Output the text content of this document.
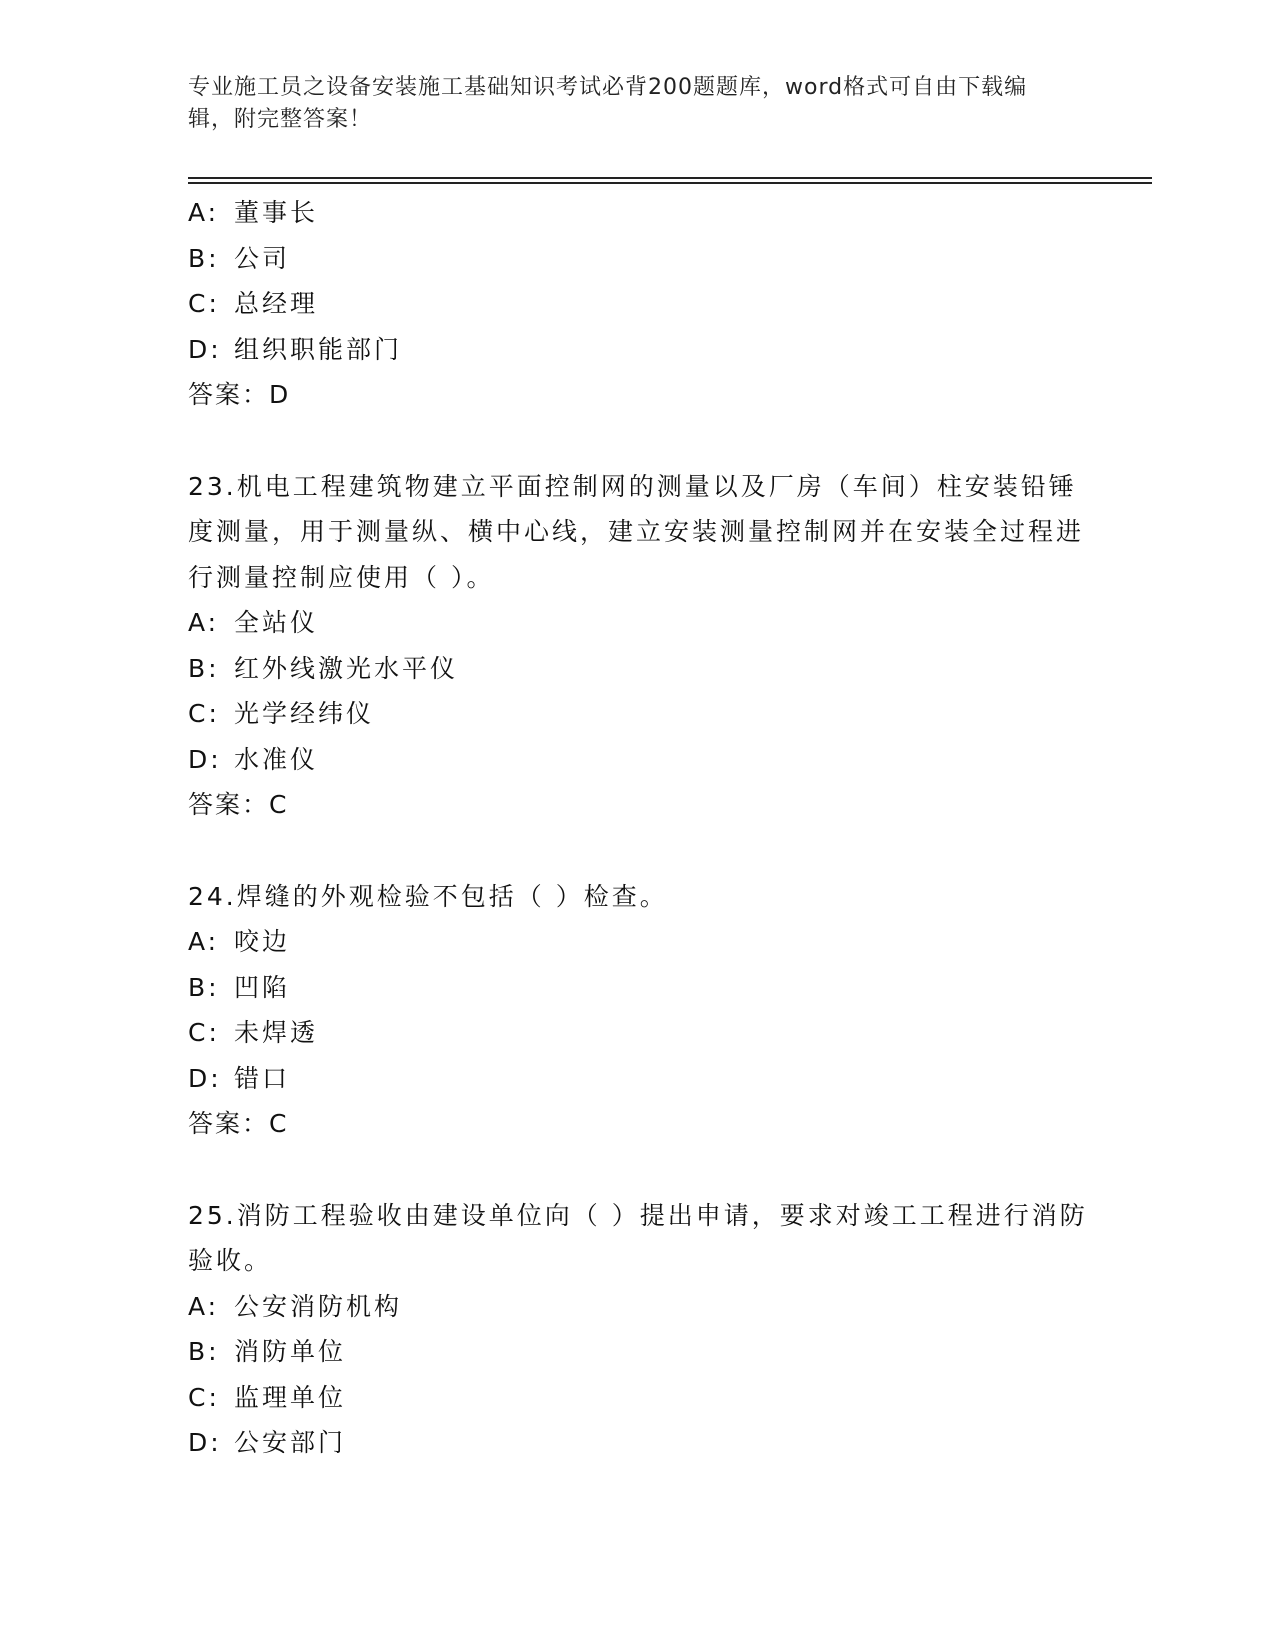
专业施工员之设备安装施工基础知识考试必背200题题库，word格式可自由下载编辑，附完整答案！
A: 董事长
B: 公司
C: 总经理
D: 组织职能部门
答案：D
23.机电工程建筑物建立平面控制网的测量以及厂房（车间）柱安装铅锤度测量，用于测量纵、横中心线，建立安装测量控制网并在安装全过程进行测量控制应使用（ ）。
A: 全站仪
B: 红外线激光水平仪
C: 光学经纬仪
D: 水准仪
答案：C
24.焊缝的外观检验不包括（ ）检查。
A: 咬边
B: 凹陷
C: 未焊透
D: 错口
答案：C
25.消防工程验收由建设单位向（ ）提出申请，要求对竣工工程进行消防验收。
A: 公安消防机构
B: 消防单位
C: 监理单位
D: 公安部门
